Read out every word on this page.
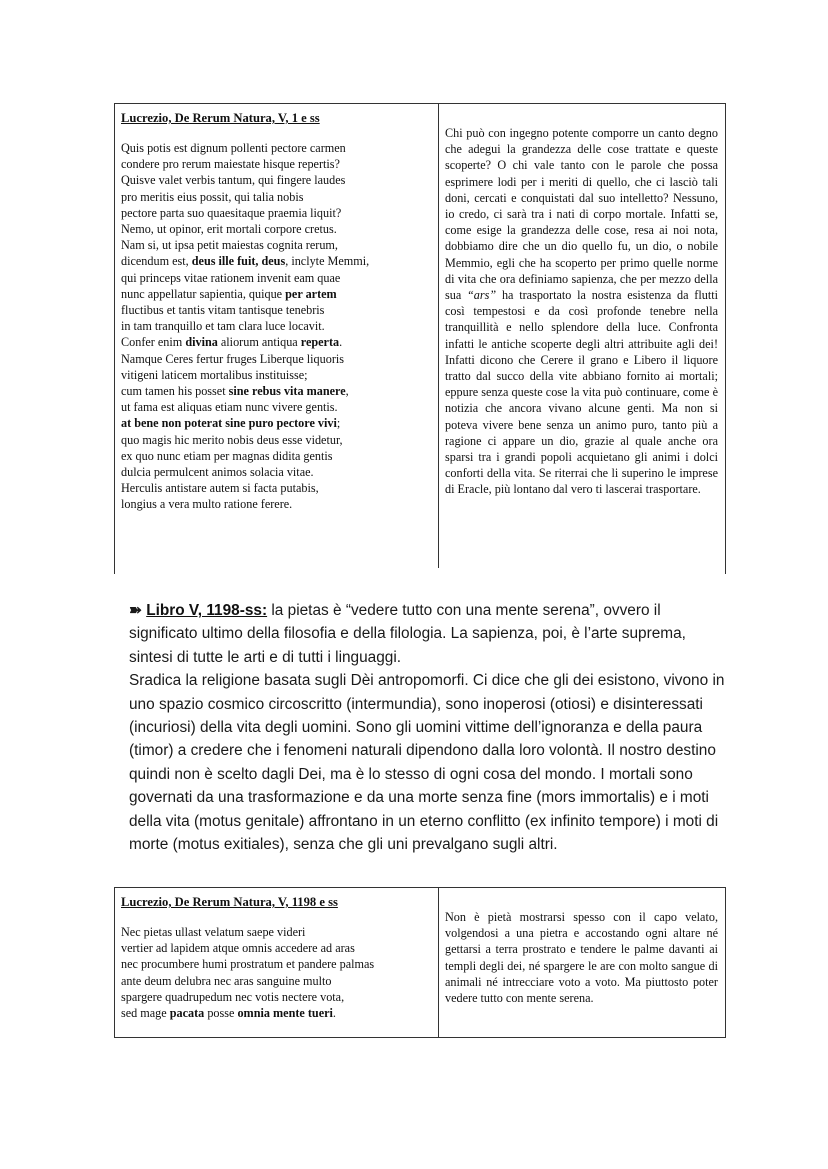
Lucrezio, De Rerum Natura, V, 1 e ss
Quis potis est dignum pollenti pectore carmen
condere pro rerum maiestate hisque repertis?
Quisve valet verbis tantum, qui fingere laudes
pro meritis eius possit, qui talia nobis
pectore parta suo quaesitaque praemia liquit?
Nemo, ut opinor, erit mortali corpore cretus.
Nam si, ut ipsa petit maiestas cognita rerum,
dicendum est, deus ille fuit, deus, inclyte Memmi,
qui princeps vitae rationem invenit eam quae
nunc appellatur sapientia, quique per artem
fluctibus et tantis vitam tantisque tenebris
in tam tranquillo et tam clara luce locavit.
Confer enim divina aliorum antiqua reperta.
Namque Ceres fertur fruges Liberque liquoris
vitigeni laticem mortalibus instituisse;
cum tamen his posset sine rebus vita manere,
ut fama est aliquas etiam nunc vivere gentis.
at bene non poterat sine puro pectore vivi;
quo magis hic merito nobis deus esse videtur,
ex quo nunc etiam per magnas didita gentis
dulcia permulcent animos solacia vitae.
Herculis antistare autem si facta putabis,
longius a vera multo ratione ferere.

Chi può con ingegno potente comporre un canto degno che adegui la grandezza delle cose trattate e queste scoperte? O chi vale tanto con le parole che possa esprimere lodi per i meriti di quello, che ci lasciò tali doni, cercati e conquistati dal suo intelletto? Nessuno, io credo, ci sarà tra i nati di corpo mortale. Infatti se, come esige la grandezza delle cose, resa ai noi nota, dobbiamo dire che un dio quello fu, un dio, o nobile Memmio, egli che ha scoperto per primo quelle norme di vita che ora definiamo sapienza, che per mezzo della sua “ars” ha trasportato la nostra esistenza da flutti così tempestosi e da così profonde tenebre nella tranquillità e nello splendore della luce. Confronta infatti le antiche scoperte degli altri attribuite agli dei! Infatti dicono che Cerere il grano e Libero il liquore tratto dal succo della vite abbiano fornito ai mortali; eppure senza queste cose la vita può continuare, come è notizia che ancora vivano alcune genti. Ma non si poteva vivere bene senza un animo puro, tanto più a ragione ci appare un dio, grazie al quale anche ora sparsi tra i grandi popoli acquietano gli animi i dolci conforti della vita. Se riterrai che li superino le imprese di Eracle, più lontano dal vero ti lascerai trasportare.

➽ Libro V, 1198-ss: la pietas è “vedere tutto con una mente serena”, ovvero il significato ultimo della filosofia e della filologia. La sapienza, poi, è l’arte suprema, sintesi di tutte le arti e di tutti i linguaggi.

Sradica la religione basata sugli Dèi antropomorfi. Ci dice che gli dei esistono, vivono in uno spazio cosmico circoscritto (intermundia), sono inoperosi (otiosi) e disinteressati (incuriosi) della vita degli uomini. Sono gli uomini vittime dell’ignoranza e della paura (timor) a credere che i fenomeni naturali dipendono dalla loro volontà. Il nostro destino quindi non è scelto dagli Dei, ma è lo stesso di ogni cosa del mondo. I mortali sono governati da una trasformazione e da una morte senza fine (mors immortalis) e i moti della vita (motus genitale) affrontano in un eterno conflitto (ex infinito tempore) i moti di morte (motus exitiales), senza che gli uni prevalgano sugli altri.

Lucrezio, De Rerum Natura, V, 1198 e ss
Nec pietas ullast velatum saepe videri
vertier ad lapidem atque omnis accedere ad aras
nec procumbere humi prostratum et pandere palmas
ante deum delubra nec aras sanguine multo
spargere quadrupedum nec votis nectere vota,
sed mage pacata posse omnia mente tueri.

Non è pietà mostrarsi spesso con il capo velato, volgendosi a una pietra e accostando ogni altare né gettarsi a terra prostrato e tendere le palme davanti ai templi degli dei, né spargere le are con molto sangue di animali né intrecciare voto a voto. Ma piuttosto poter vedere tutto con mente serena.
